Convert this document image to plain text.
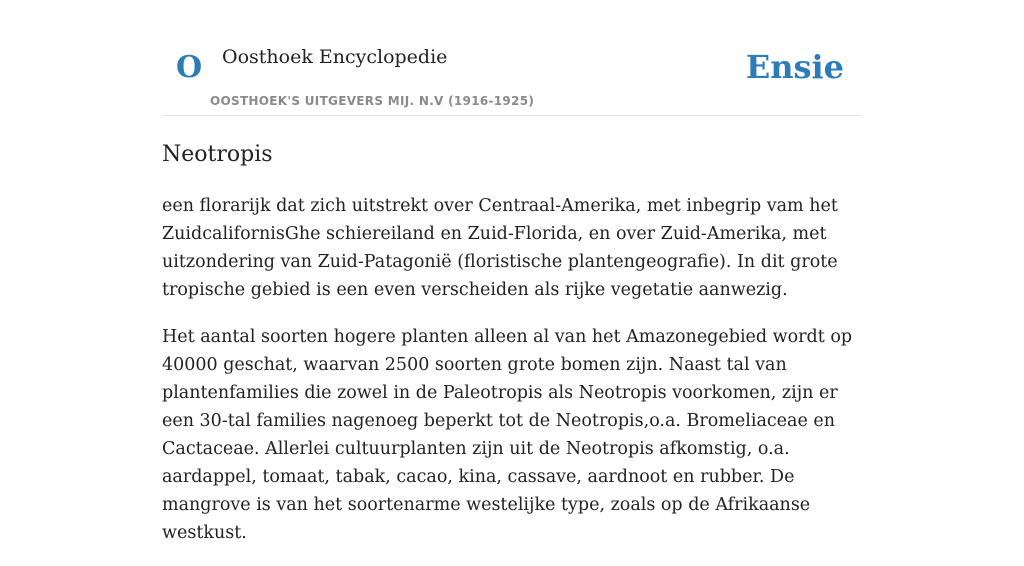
O Oosthoek Encyclopedie
OOSTHOEK'S UITGEVERS MIJ. N.V (1916-1925)
Ensie
Neotropis

een florarijk dat zich uitstrekt over Centraal-Amerika, met inbegrip vam het ZuidcalifornisGhe schiereiland en Zuid-Florida, en over Zuid-Amerika, met uitzondering van Zuid-Patagonië (floristische plantengeografie). In dit grote tropische gebied is een even verscheiden als rijke vegetatie aanwezig.

Het aantal soorten hogere planten alleen al van het Amazonegebied wordt op 40000 geschat, waarvan 2500 soorten grote bomen zijn. Naast tal van plantenfamilies die zowel in de Paleotropis als Neotropis voorkomen, zijn er een 30-tal families nagenoeg beperkt tot de Neotropis,o.a. Bromeliaceae en Cactaceae. Allerlei cultuurplanten zijn uit de Neotropis afkomstig, o.a. aardappel, tomaat, tabak, cacao, kina, cassave, aardnoot en rubber. De mangrove is van het soortenarme westelijke type, zoals op de Afrikaanse westkust.
